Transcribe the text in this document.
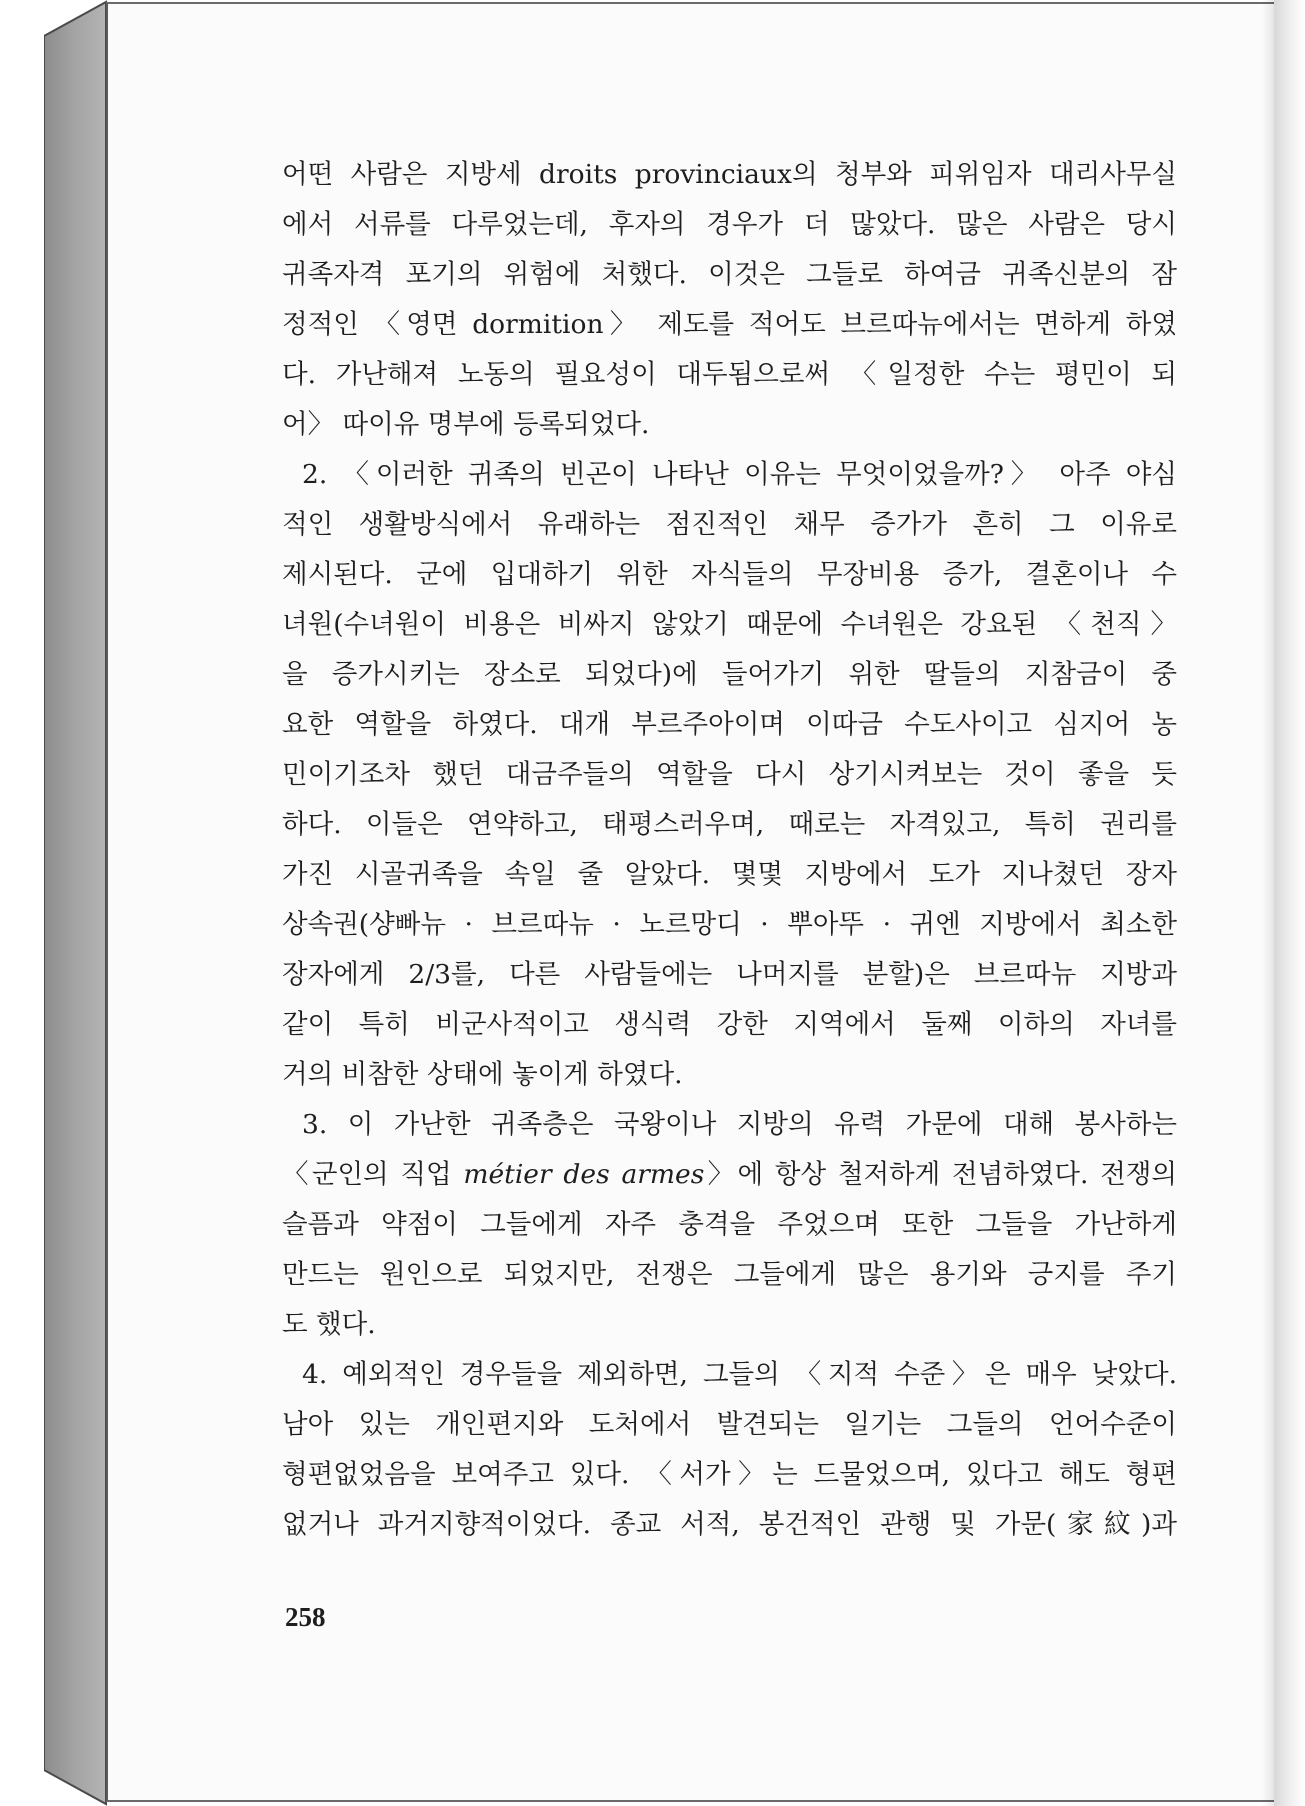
어떤 사람은 지방세 droits provinciaux의 청부와 피위임자 대리사무실
에서 서류를 다루었는데, 후자의 경우가 더 많았다. 많은 사람은 당시
귀족자격 포기의 위험에 처했다. 이것은 그들로 하여금 귀족신분의 잠
정적인 〈영면 dormition〉 제도를 적어도 브르따뉴에서는 면하게 하였
다. 가난해져 노동의 필요성이 대두됨으로써 〈일정한 수는 평민이 되
어〉 따이유 명부에 등록되었다.
2. 〈이러한 귀족의 빈곤이 나타난 이유는 무엇이었을까?〉 아주 야심
적인 생활방식에서 유래하는 점진적인 채무 증가가 흔히 그 이유로
제시된다. 군에 입대하기 위한 자식들의 무장비용 증가, 결혼이나 수
녀원(수녀원이 비용은 비싸지 않았기 때문에 수녀원은 강요된 〈천직〉
을 증가시키는 장소로 되었다)에 들어가기 위한 딸들의 지참금이 중
요한 역할을 하였다. 대개 부르주아이며 이따금 수도사이고 심지어 농
민이기조차 했던 대금주들의 역할을 다시 상기시켜보는 것이 좋을 듯
하다. 이들은 연약하고, 태평스러우며, 때로는 자격있고, 특히 권리를
가진 시골귀족을 속일 줄 알았다. 몇몇 지방에서 도가 지나쳤던 장자
상속권(샹빠뉴 · 브르따뉴 · 노르망디 · 뿌아뚜 · 귀엔 지방에서 최소한
장자에게 2/3를, 다른 사람들에는 나머지를 분할)은 브르따뉴 지방과
같이 특히 비군사적이고 생식력 강한 지역에서 둘째 이하의 자녀를
거의 비참한 상태에 놓이게 하였다.
3. 이 가난한 귀족층은 국왕이나 지방의 유력 가문에 대해 봉사하는
〈군인의 직업 métier des armes〉에 항상 철저하게 전념하였다. 전쟁의
슬픔과 약점이 그들에게 자주 충격을 주었으며 또한 그들을 가난하게
만드는 원인으로 되었지만, 전쟁은 그들에게 많은 용기와 긍지를 주기
도 했다.
4. 예외적인 경우들을 제외하면, 그들의 〈지적 수준〉은 매우 낮았다.
남아 있는 개인편지와 도처에서 발견되는 일기는 그들의 언어수준이
형편없었음을 보여주고 있다. 〈서가〉는 드물었으며, 있다고 해도 형편
없거나 과거지향적이었다. 종교 서적, 봉건적인 관행 및 가문(家紋)과
258
